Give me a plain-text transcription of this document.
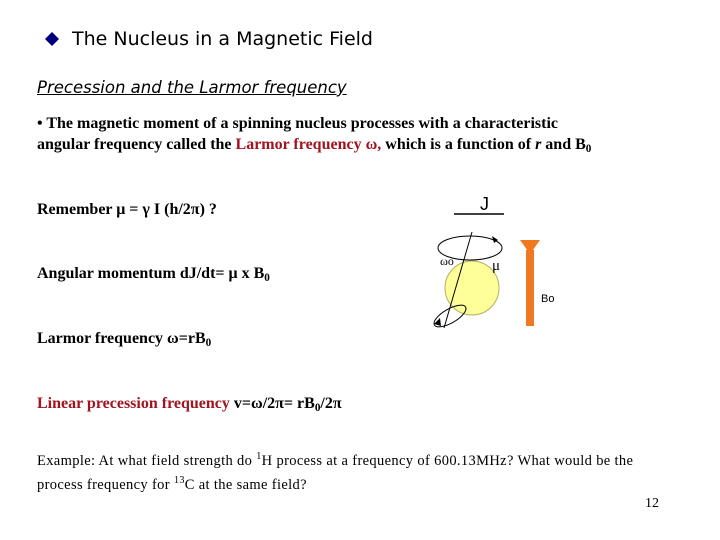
The Nucleus in a Magnetic Field
Precession and the Larmor frequency
• The magnetic moment of a spinning nucleus processes with a characteristic
angular frequency called the Larmor frequency ω, which is a function of r and $B_0$
Remember μ = γ I (h/2π) ?
Angular momentum dJ/dt= μ x $B_0$
Larmor frequency $\omega=rB_0$
Linear precession frequency $v=\omega/2\pi= rB_0/2\pi$
J
ωo	μ
Bo
Example: At what field strength do $^1$H process at a frequency of 600.13MHz? What would be the
process frequency for $^{13}$C at the same field?
12
